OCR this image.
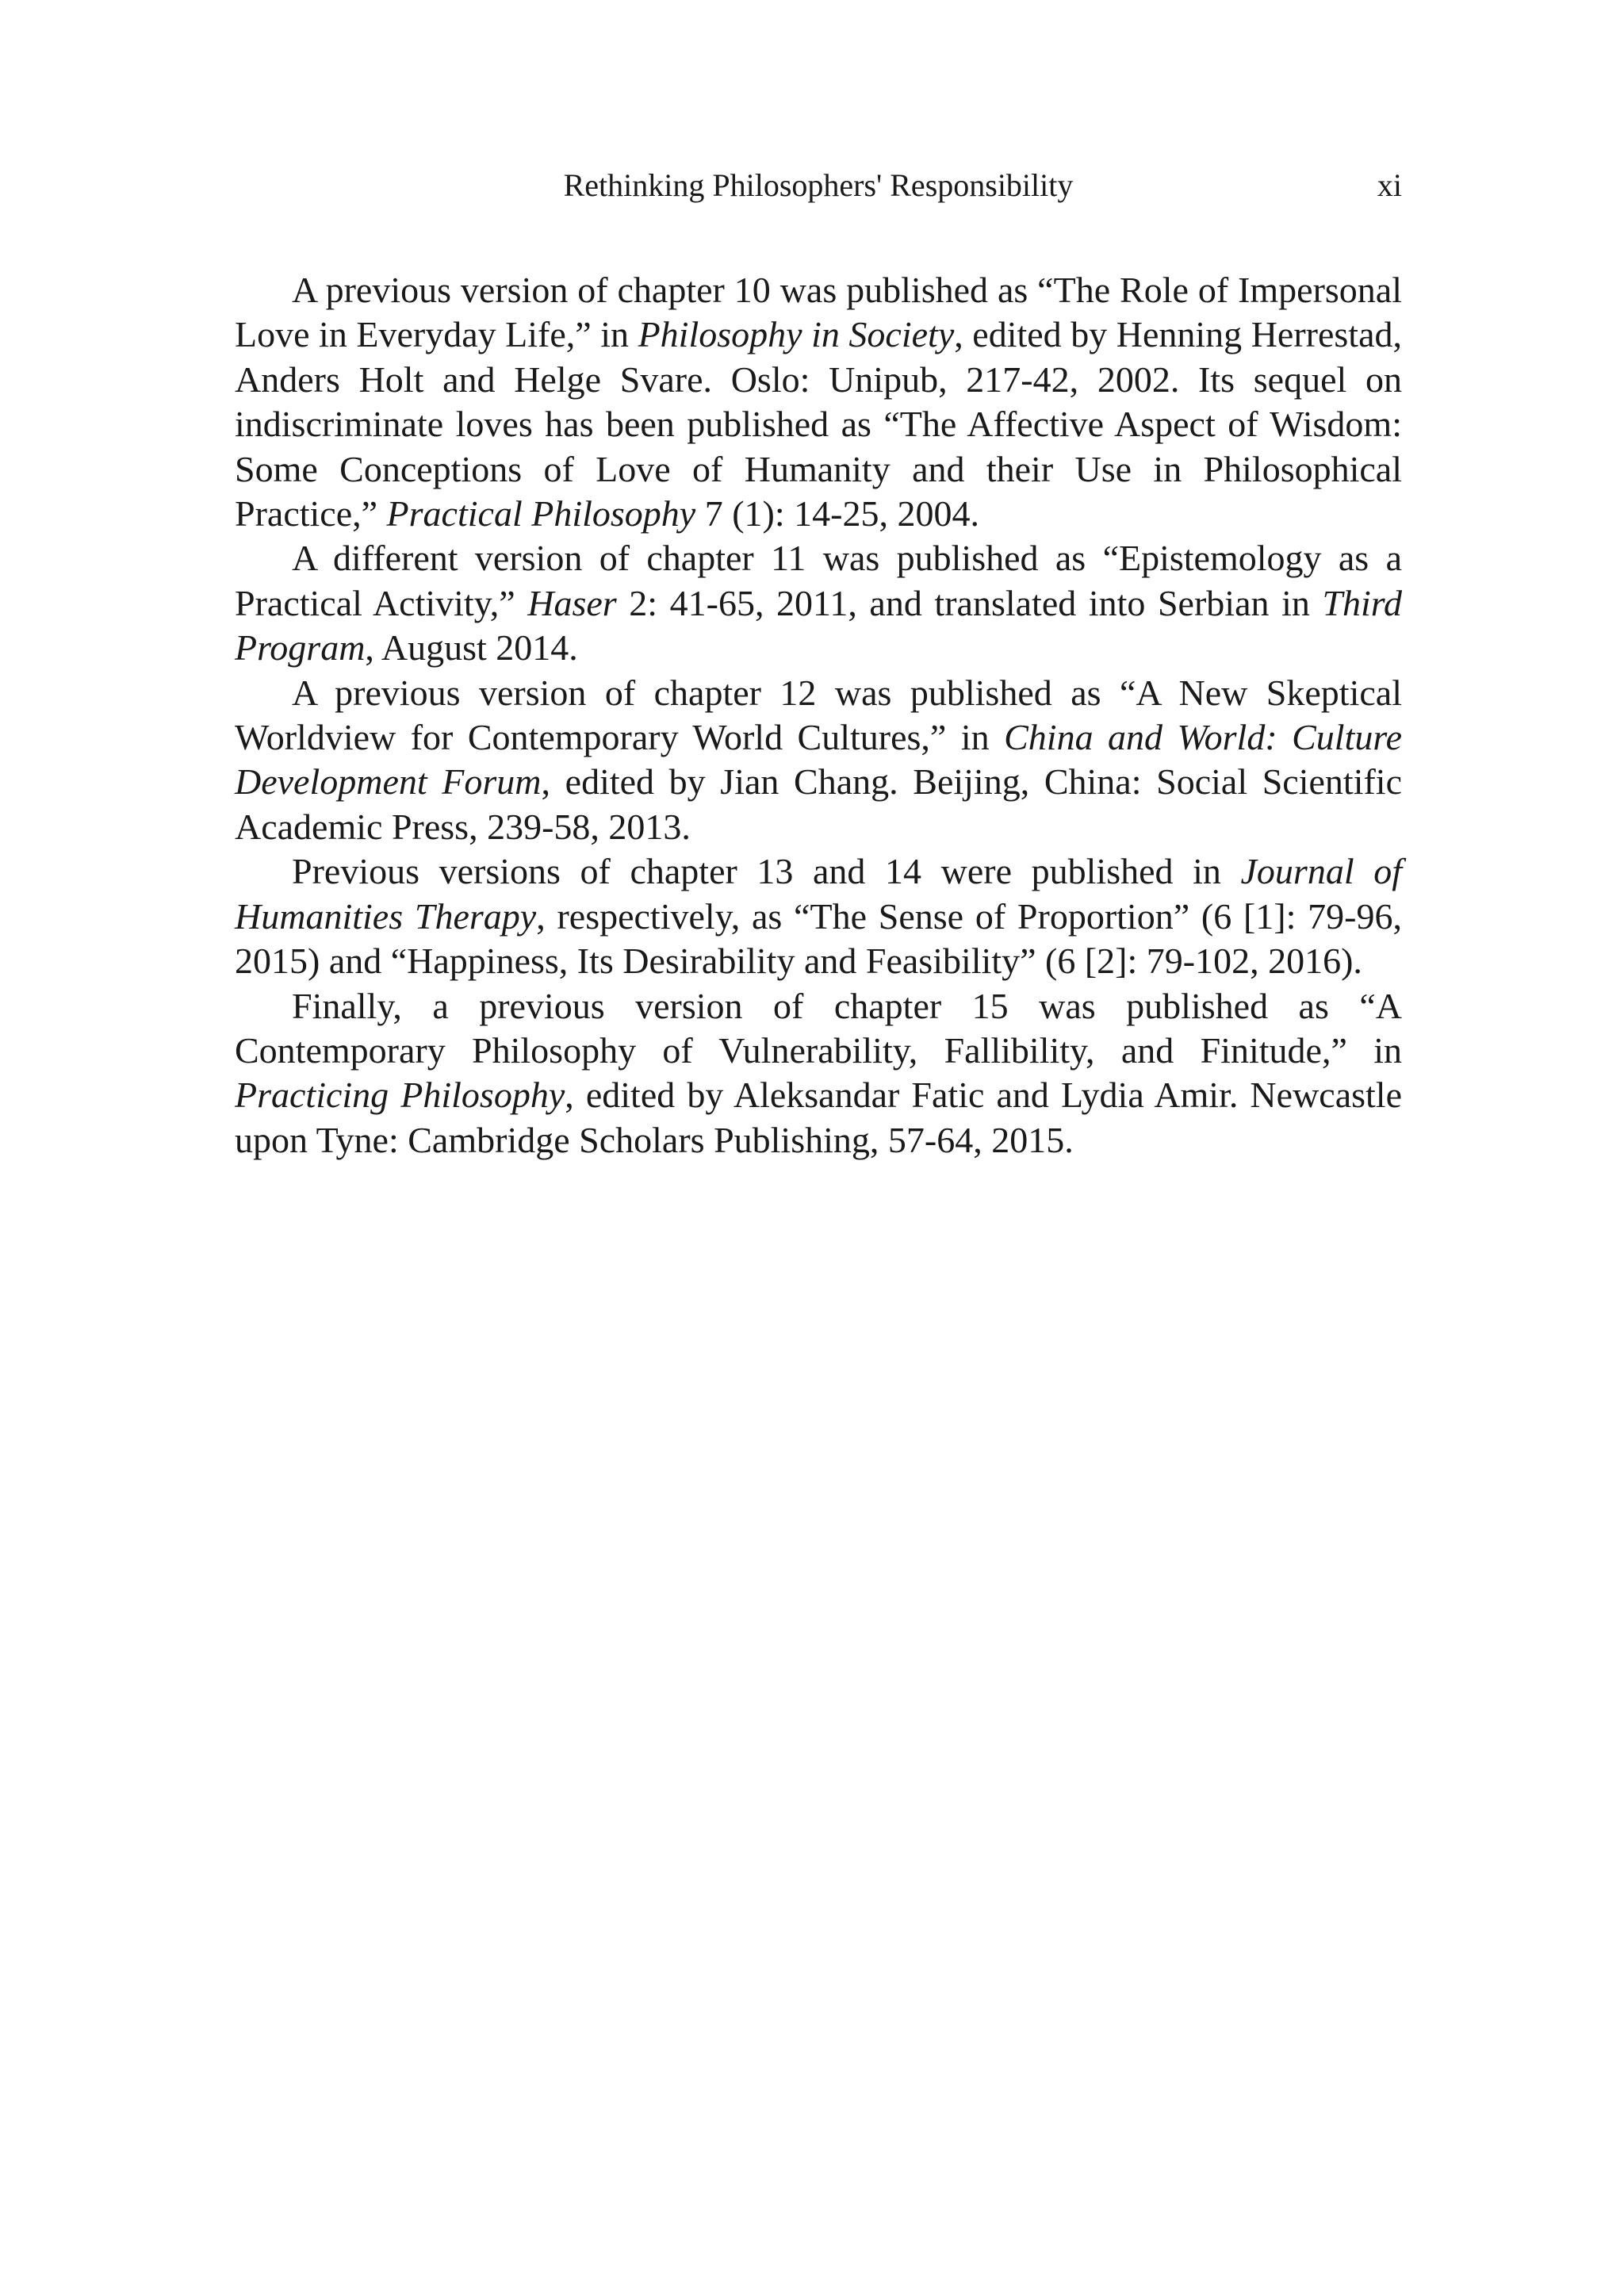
Rethinking Philosophers' Responsibility	xi

A previous version of chapter 10 was published as “The Role of Impersonal Love in Everyday Life,” in Philosophy in Society, edited by Henning Herrestad, Anders Holt and Helge Svare. Oslo: Unipub, 217-42, 2002. Its sequel on indiscriminate loves has been published as “The Affective Aspect of Wisdom: Some Conceptions of Love of Humanity and their Use in Philosophical Practice,” Practical Philosophy 7 (1): 14-25, 2004.

A different version of chapter 11 was published as “Epistemology as a Practical Activity,” Haser 2: 41-65, 2011, and translated into Serbian in Third Program, August 2014.

A previous version of chapter 12 was published as “A New Skeptical Worldview for Contemporary World Cultures,” in China and World: Culture Development Forum, edited by Jian Chang. Beijing, China: Social Scientific Academic Press, 239-58, 2013.

Previous versions of chapter 13 and 14 were published in Journal of Humanities Therapy, respectively, as “The Sense of Proportion” (6 [1]: 79-96, 2015) and “Happiness, Its Desirability and Feasibility” (6 [2]: 79-102, 2016).

Finally, a previous version of chapter 15 was published as “A Contemporary Philosophy of Vulnerability, Fallibility, and Finitude,” in Practicing Philosophy, edited by Aleksandar Fatic and Lydia Amir. Newcastle upon Tyne: Cambridge Scholars Publishing, 57-64, 2015.
